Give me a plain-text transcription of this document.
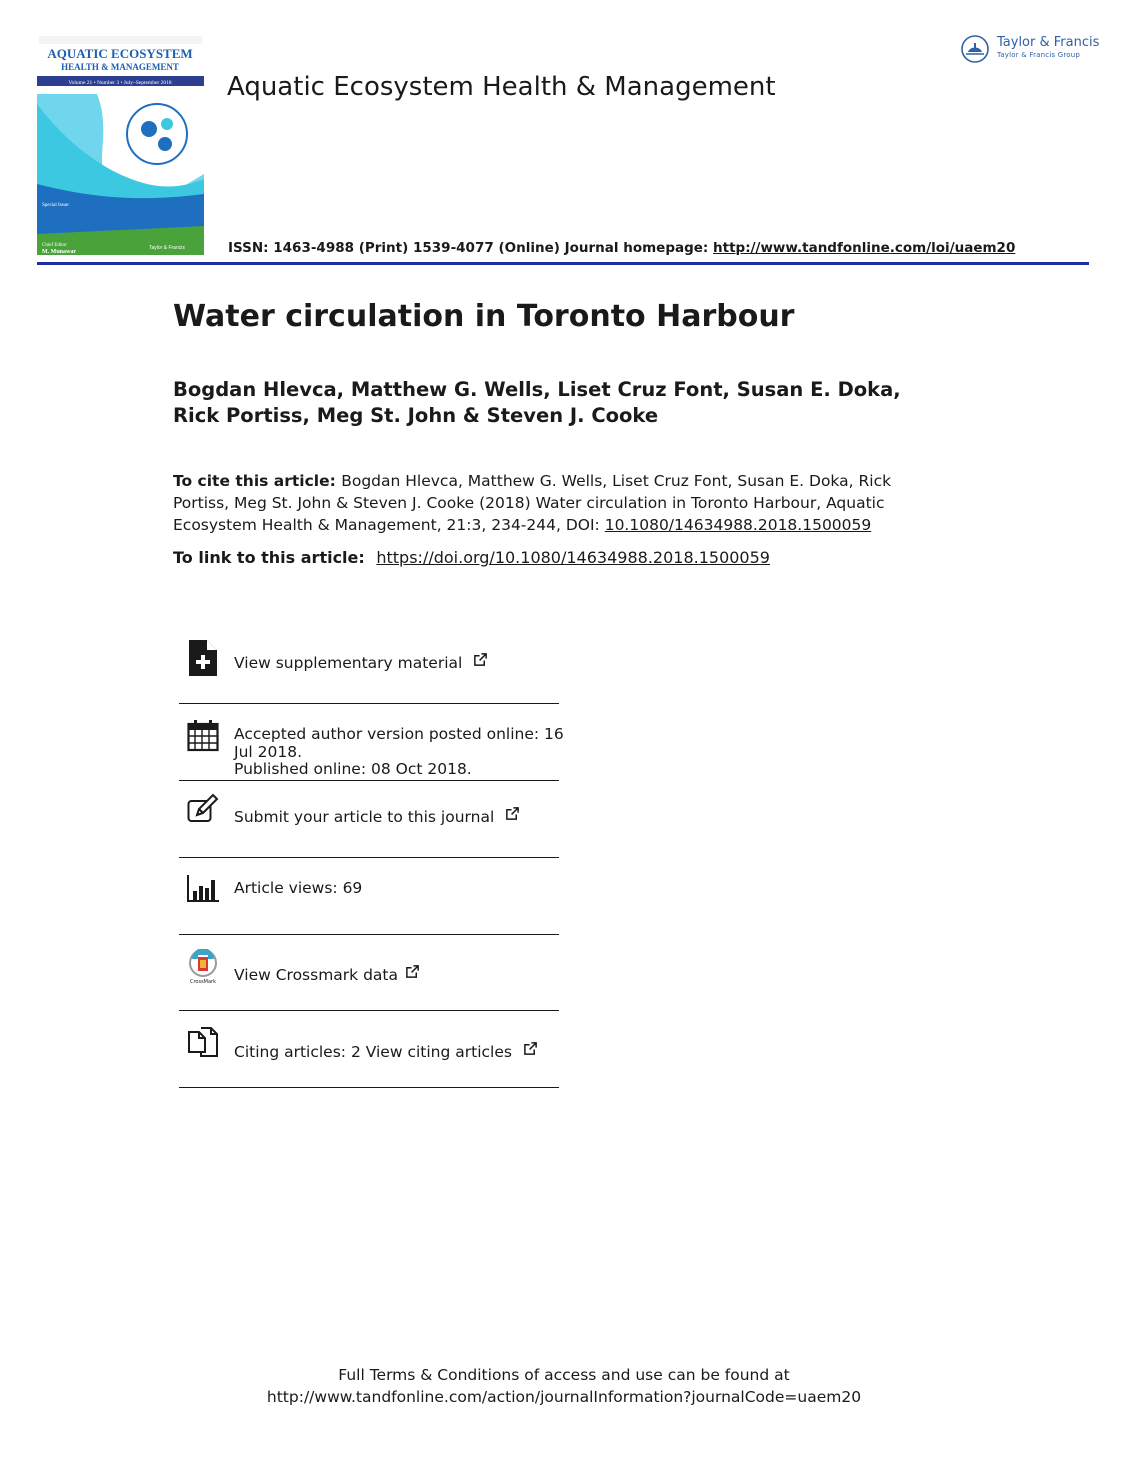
AQUATIC ECOSYSTEM
HEALTH & MANAGEMENT
Volume 21 • Number 3 • July–September 2018
Special Issue:
Chief Editor
M. Munawar
Taylor & Francis
Aquatic Ecosystem Health & Management
Taylor & Francis
Taylor & Francis Group
ISSN: 1463-4988 (Print) 1539-4077 (Online) Journal homepage: http://www.tandfonline.com/loi/uaem20
Water circulation in Toronto Harbour
Bogdan Hlevca, Matthew G. Wells, Liset Cruz Font, Susan E. Doka, Rick Portiss, Meg St. John & Steven J. Cooke
To cite this article: Bogdan Hlevca, Matthew G. Wells, Liset Cruz Font, Susan E. Doka, Rick Portiss, Meg St. John & Steven J. Cooke (2018) Water circulation in Toronto Harbour, Aquatic Ecosystem Health & Management, 21:3, 234-244, DOI: 10.1080/14634988.2018.1500059
To link to this article: https://doi.org/10.1080/14634988.2018.1500059
View supplementary material
Accepted author version posted online: 16
Jul 2018.
Published online: 08 Oct 2018.
Submit your article to this journal
Article views: 69
CrossMark View Crossmark data
Citing articles: 2 View citing articles
Full Terms & Conditions of access and use can be found at
http://www.tandfonline.com/action/journalInformation?journalCode=uaem20
